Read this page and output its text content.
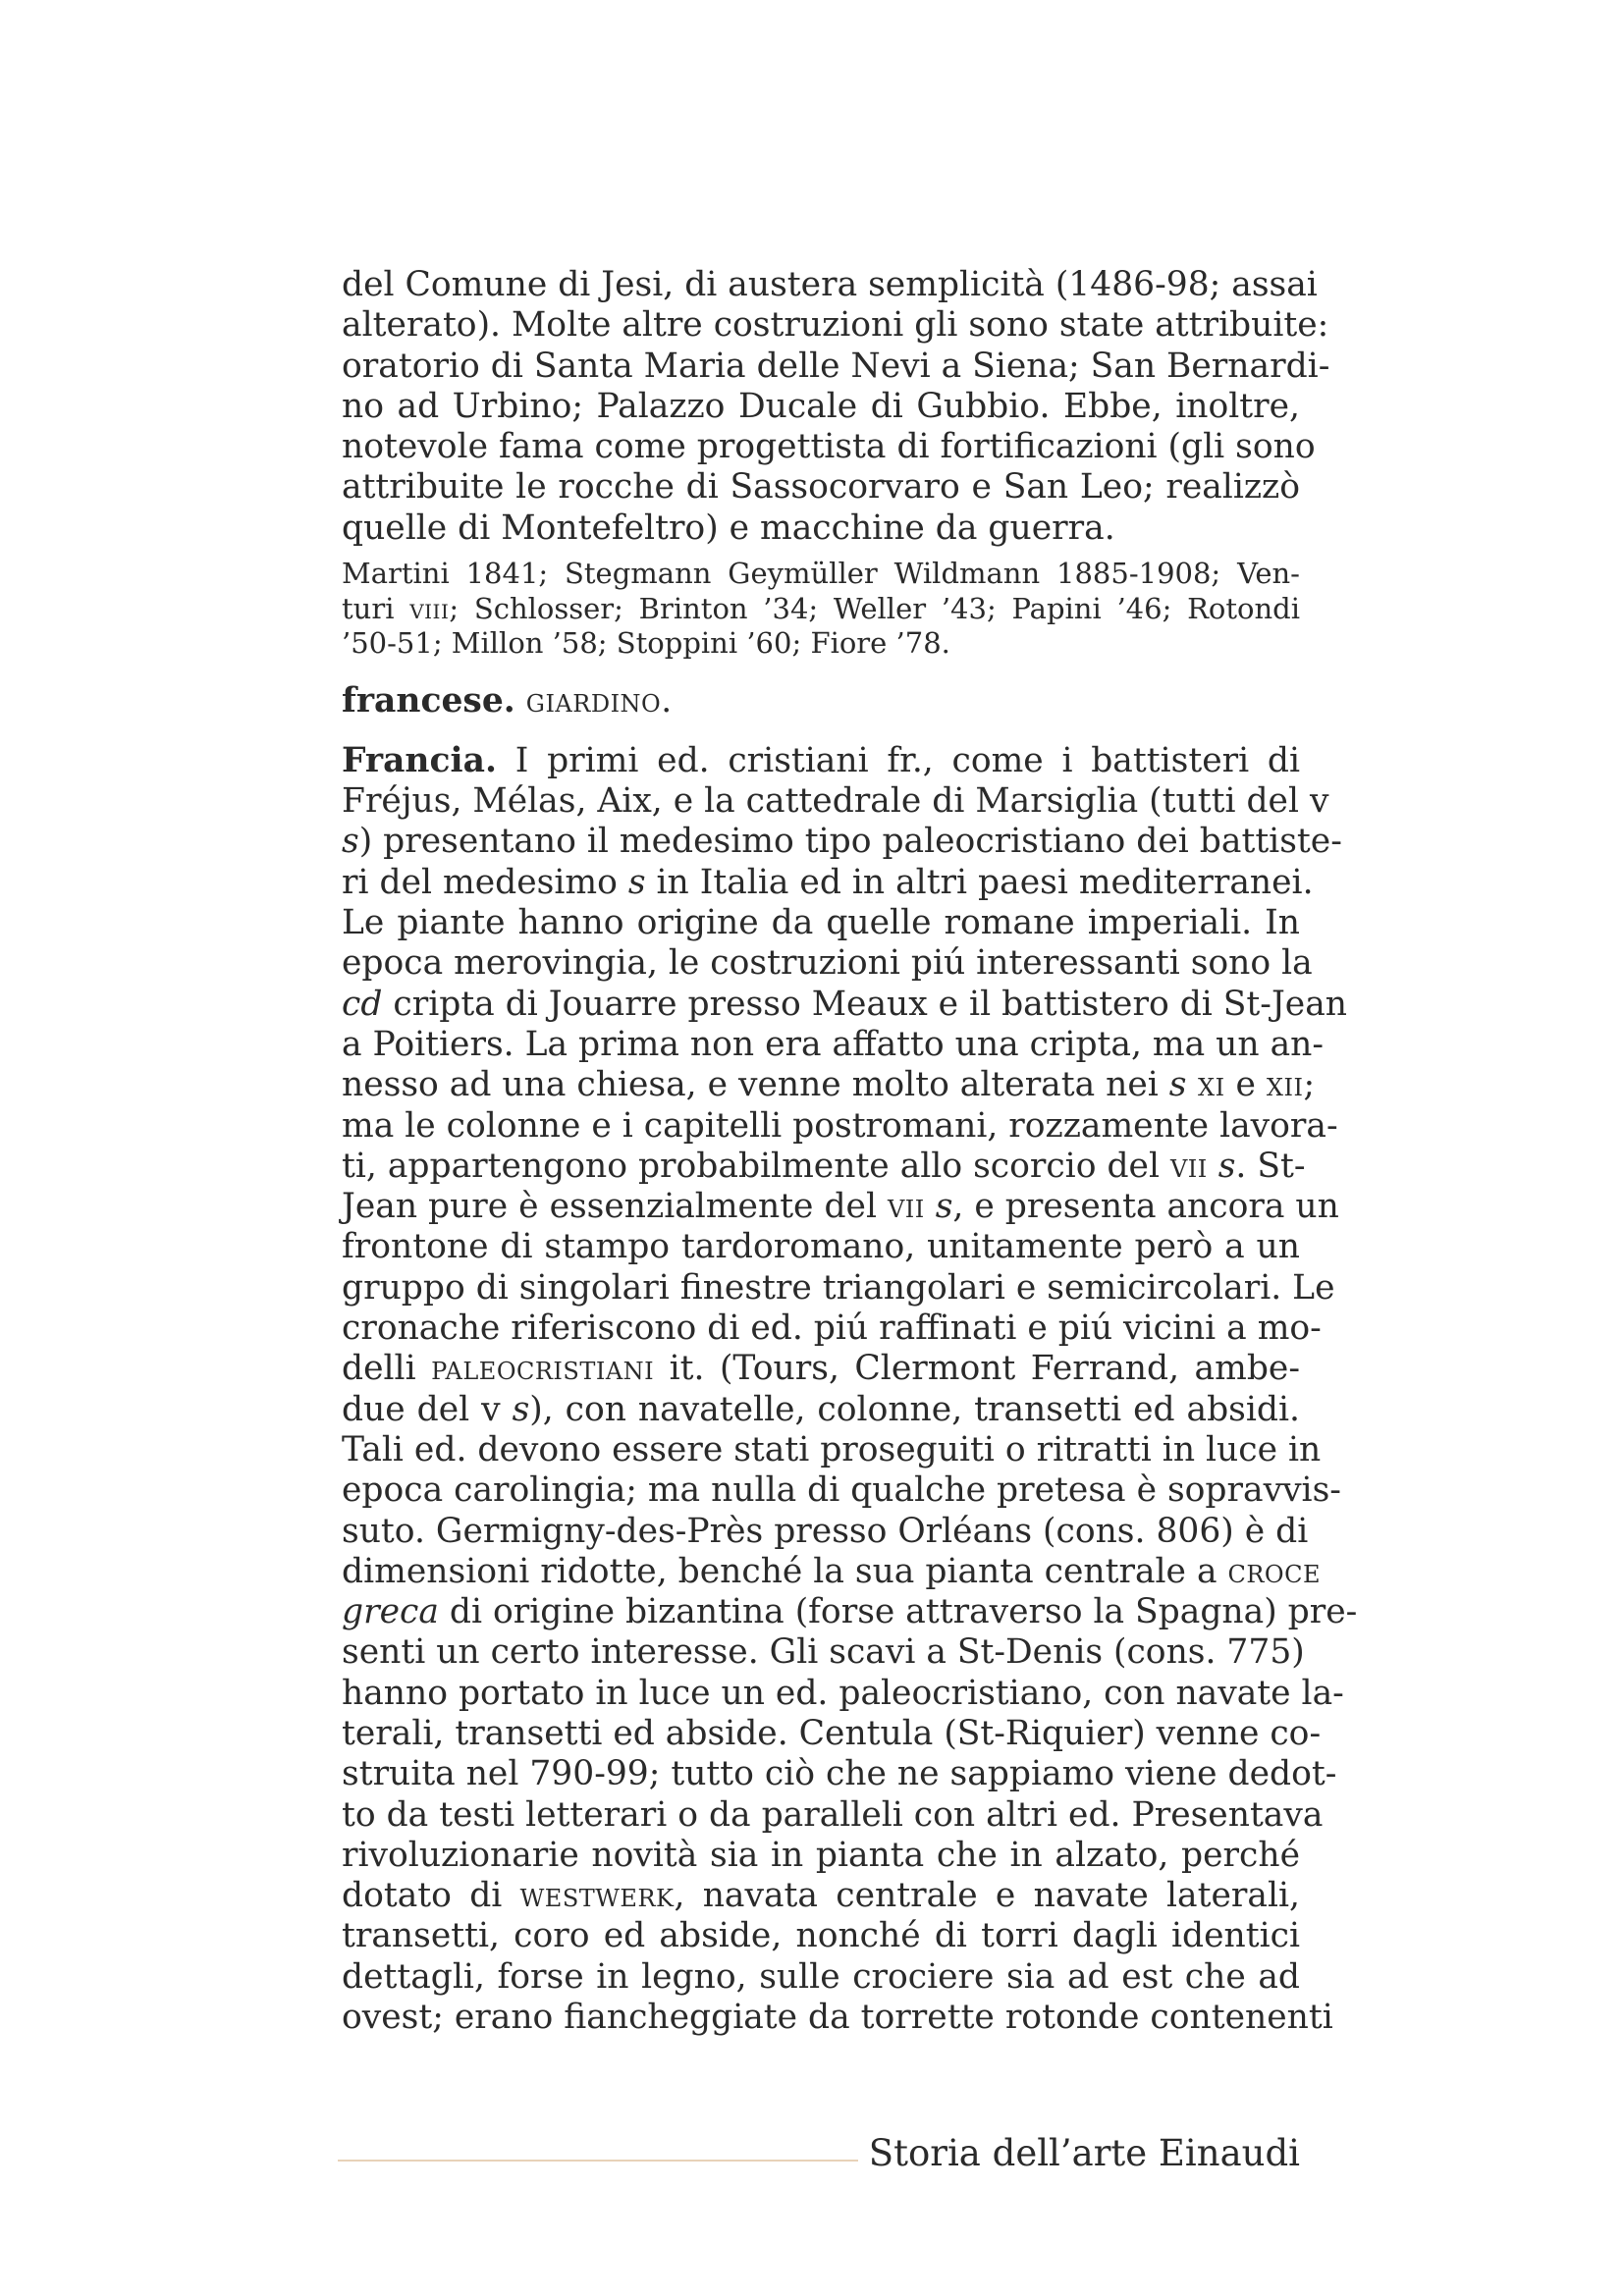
del Comune di Jesi, di austera semplicità (1486-98; assai
alterato). Molte altre costruzioni gli sono state attribuite:
oratorio di Santa Maria delle Nevi a Siena; San Bernardi-
no ad Urbino; Palazzo Ducale di Gubbio. Ebbe, inoltre,
notevole fama come progettista di fortificazioni (gli sono
attribuite le rocche di Sassocorvaro e San Leo; realizzò
quelle di Montefeltro) e macchine da guerra.
Martini 1841; Stegmann Geymüller Wildmann 1885-1908; Ven-
turi viii; Schlosser; Brinton ’34; Weller ’43; Papini ’46; Rotondi
’50-51; Millon ’58; Stoppini ’60; Fiore ’78.
francese. giardino.
Francia. I primi ed. cristiani fr., come i battisteri di
Fréjus, Mélas, Aix, e la cattedrale di Marsiglia (tutti del v
s) presentano il medesimo tipo paleocristiano dei battiste-
ri del medesimo s in Italia ed in altri paesi mediterranei.
Le piante hanno origine da quelle romane imperiali. In
epoca merovingia, le costruzioni piú interessanti sono la
cd cripta di Jouarre presso Meaux e il battistero di St-Jean
a Poitiers. La prima non era affatto una cripta, ma un an-
nesso ad una chiesa, e venne molto alterata nei s xi e xii;
ma le colonne e i capitelli postromani, rozzamente lavora-
ti, appartengono probabilmente allo scorcio del vii s. St-
Jean pure è essenzialmente del vii s, e presenta ancora un
frontone di stampo tardoromano, unitamente però a un
gruppo di singolari finestre triangolari e semicircolari. Le
cronache riferiscono di ed. piú raffinati e piú vicini a mo-
delli paleocristiani it. (Tours, Clermont Ferrand, ambe-
due del v s), con navatelle, colonne, transetti ed absidi.
Tali ed. devono essere stati proseguiti o ritratti in luce in
epoca carolingia; ma nulla di qualche pretesa è sopravvis-
suto. Germigny-des-Près presso Orléans (cons. 806) è di
dimensioni ridotte, benché la sua pianta centrale a croce
greca di origine bizantina (forse attraverso la Spagna) pre-
senti un certo interesse. Gli scavi a St-Denis (cons. 775)
hanno portato in luce un ed. paleocristiano, con navate la-
terali, transetti ed abside. Centula (St-Riquier) venne co-
struita nel 790-99; tutto ciò che ne sappiamo viene dedot-
to da testi letterari o da paralleli con altri ed. Presentava
rivoluzionarie novità sia in pianta che in alzato, perché
dotato di westwerk, navata centrale e navate laterali,
transetti, coro ed abside, nonché di torri dagli identici
dettagli, forse in legno, sulle crociere sia ad est che ad
ovest; erano fiancheggiate da torrette rotonde contenenti
Storia dell’arte Einaudi
